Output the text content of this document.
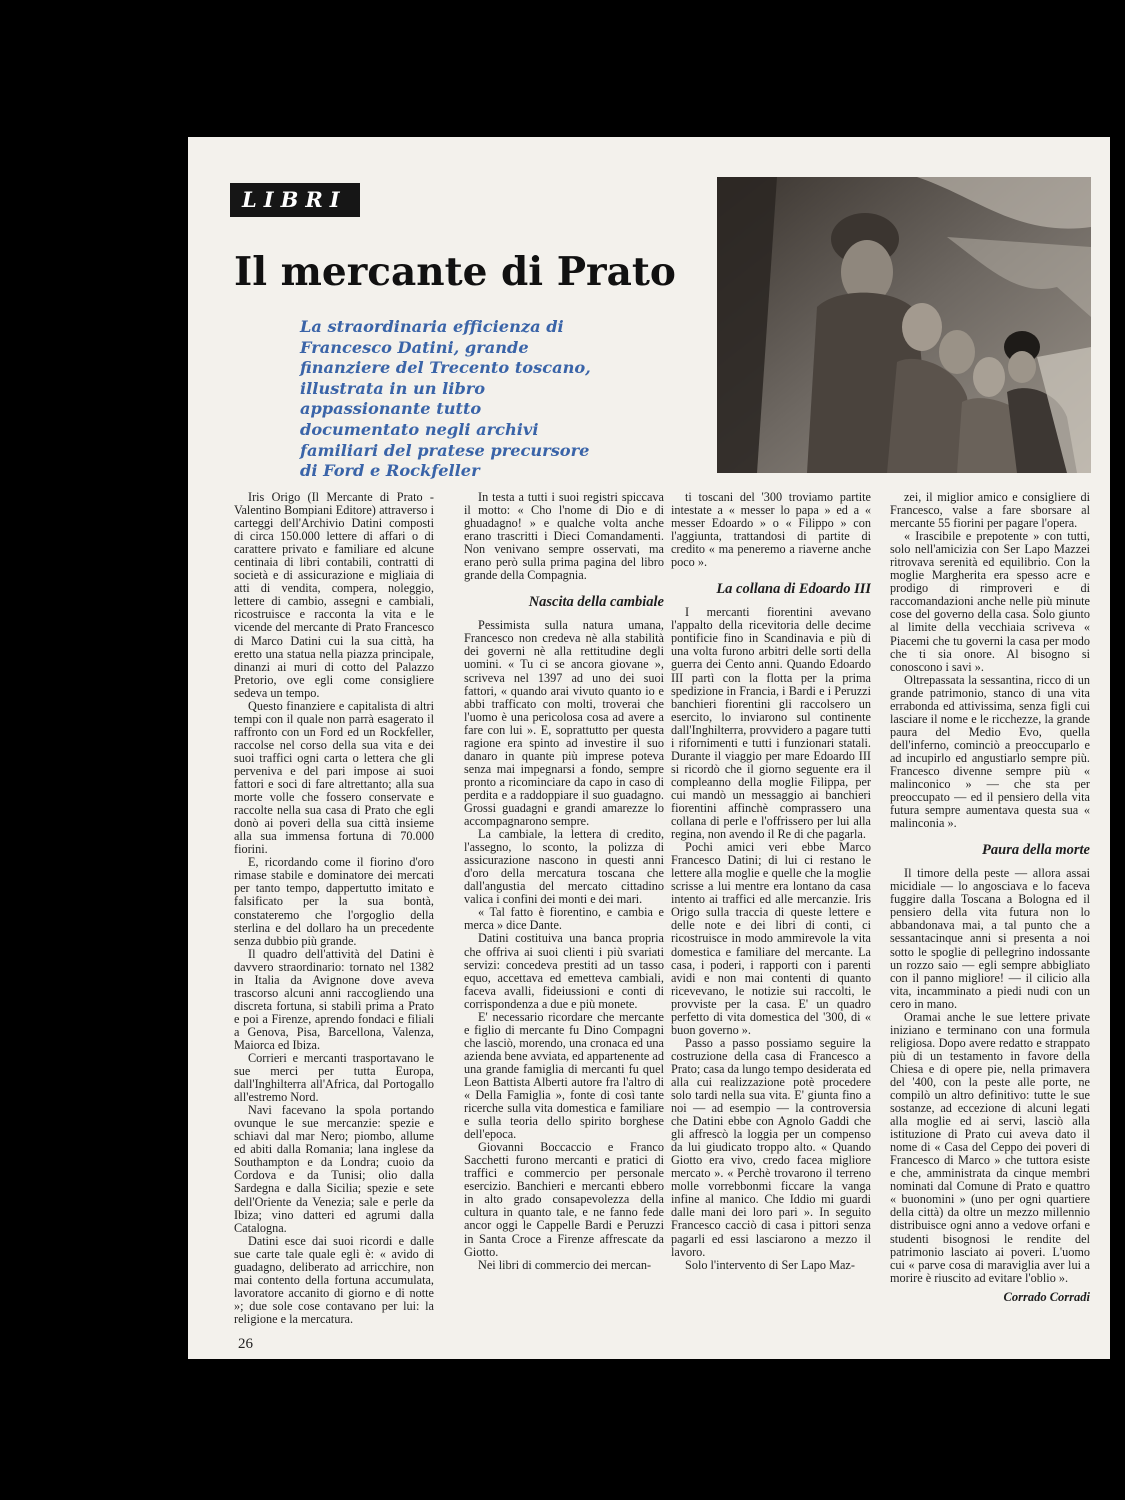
LIBRI
Il mercante di Prato
La straordinaria efficienza di Francesco Datini, grande finanziere del Trecento toscano, illustrata in un libro appassionante tutto documentato negli archivi familiari del pratese precursore di Ford e Rockfeller

Iris Origo (Il Mercante di Prato - Valentino Bompiani Editore) attraverso i carteggi dell'Archivio Datini composti di circa 150.000 lettere di affari o di carattere privato e familiare ed alcune centinaia di libri contabili, contratti di società e di assicurazione e migliaia di atti di vendita, compera, noleggio, lettere di cambio, assegni e cambiali, ricostruisce e racconta la vita e le vicende del mercante di Prato Francesco di Marco Datini cui la sua città, ha eretto una statua nella piazza principale, dinanzi ai muri di cotto del Palazzo Pretorio, ove egli come consigliere sedeva un tempo.

Questo finanziere e capitalista di altri tempi con il quale non parrà esagerato il raffronto con un Ford ed un Rockfeller, raccolse nel corso della sua vita e dei suoi traffici ogni carta o lettera che gli perveniva e del pari impose ai suoi fattori e soci di fare altrettanto; alla sua morte volle che fossero conservate e raccolte nella sua casa di Prato che egli donò ai poveri della sua città insieme alla sua immensa fortuna di 70.000 fiorini.

E, ricordando come il fiorino d'oro rimase stabile e dominatore dei mercati per tanto tempo, dappertutto imitato e falsificato per la sua bontà, constateremo che l'orgoglio della sterlina e del dollaro ha un precedente senza dubbio più grande.

Il quadro dell'attività del Datini è davvero straordinario: tornato nel 1382 in Italia da Avignone dove aveva trascorso alcuni anni raccogliendo una discreta fortuna, si stabilì prima a Prato e poi a Firenze, aprendo fondaci e filiali a Genova, Pisa, Barcellona, Valenza, Maiorca ed Ibiza.

Corrieri e mercanti trasportavano le sue merci per tutta Europa, dall'Inghilterra all'Africa, dal Portogallo all'estremo Nord.

Navi facevano la spola portando ovunque le sue mercanzie: spezie e schiavi dal mar Nero; piombo, allume ed abiti dalla Romania; lana inglese da Southampton e da Londra; cuoio da Cordova e da Tunisi; olio dalla Sardegna e dalla Sicilia; spezie e sete dell'Oriente da Venezia; sale e perle da Ibiza; vino datteri ed agrumi dalla Catalogna.

Datini esce dai suoi ricordi e dalle sue carte tale quale egli è: « avido di guadagno, deliberato ad arricchire, non mai contento della fortuna accumulata, lavoratore accanito di giorno e di notte »; due sole cose contavano per lui: la religione e la mercatura.

In testa a tutti i suoi registri spiccava il motto: « Cho l'nome di Dio e di ghuadagno! » e qualche volta anche erano trascritti i Dieci Comandamenti. Non venivano sempre osservati, ma erano però sulla prima pagina del libro grande della Compagnia.

Nascita della cambiale

Pessimista sulla natura umana, Francesco non credeva nè alla stabilità dei governi nè alla rettitudine degli uomini. « Tu ci se ancora giovane », scriveva nel 1397 ad uno dei suoi fattori, « quando arai vivuto quanto io e abbi trafficato con molti, troverai che l'uomo è una pericolosa cosa ad avere a fare con lui ». E, soprattutto per questa ragione era spinto ad investire il suo danaro in quante più imprese poteva senza mai impegnarsi a fondo, sempre pronto a ricominciare da capo in caso di perdita e a raddoppiare il suo guadagno. Grossi guadagni e grandi amarezze lo accompagnarono sempre.

La cambiale, la lettera di credito, l'assegno, lo sconto, la polizza di assicurazione nascono in questi anni d'oro della mercatura toscana che dall'angustia del mercato cittadino valica i confini dei monti e dei mari.

« Tal fatto è fiorentino, e cambia e merca » dice Dante.

Datini costituiva una banca propria che offriva ai suoi clienti i più svariati servizi: concedeva prestiti ad un tasso equo, accettava ed emetteva cambiali, faceva avalli, fideiussioni e conti di corrispondenza a due e più monete.

E' necessario ricordare che mercante e figlio di mercante fu Dino Compagni che lasciò, morendo, una cronaca ed una azienda bene avviata, ed appartenente ad una grande famiglia di mercanti fu quel Leon Battista Alberti autore fra l'altro di « Della Famiglia », fonte di così tante ricerche sulla vita domestica e familiare e sulla teoria dello spirito borghese dell'epoca.

Giovanni Boccaccio e Franco Sacchetti furono mercanti e pratici di traffici e commercio per personale esercizio. Banchieri e mercanti ebbero in alto grado consapevolezza della cultura in quanto tale, e ne fanno fede ancor oggi le Cappelle Bardi e Peruzzi in Santa Croce a Firenze affrescate da Giotto.

Nei libri di commercio dei mercan-

ti toscani del '300 troviamo partite intestate a « messer lo papa » ed a « messer Edoardo » o « Filippo » con l'aggiunta, trattandosi di partite di credito « ma peneremo a riaverne anche poco ».

La collana di Edoardo III

I mercanti fiorentini avevano l'appalto della ricevitoria delle decime pontificie fino in Scandinavia e più di una volta furono arbitri delle sorti della guerra dei Cento anni. Quando Edoardo III partì con la flotta per la prima spedizione in Francia, i Bardi e i Peruzzi banchieri fiorentini gli raccolsero un esercito, lo inviarono sul continente dall'Inghilterra, provvidero a pagare tutti i rifornimenti e tutti i funzionari statali. Durante il viaggio per mare Edoardo III si ricordò che il giorno seguente era il compleanno della moglie Filippa, per cui mandò un messaggio ai banchieri fiorentini affinchè comprassero una collana di perle e l'offrissero per lui alla regina, non avendo il Re di che pagarla.

Pochi amici veri ebbe Marco Francesco Datini; di lui ci restano le lettere alla moglie e quelle che la moglie scrisse a lui mentre era lontano da casa intento ai traffici ed alle mercanzie. Iris Origo sulla traccia di queste lettere e delle note e dei libri di conti, ci ricostruisce in modo ammirevole la vita domestica e familiare del mercante. La casa, i poderi, i rapporti con i parenti avidi e non mai contenti di quanto ricevevano, le notizie sui raccolti, le provviste per la casa. E' un quadro perfetto di vita domestica del '300, di « buon governo ».

Passo a passo possiamo seguire la costruzione della casa di Francesco a Prato; casa da lungo tempo desiderata ed alla cui realizzazione potè procedere solo tardi nella sua vita. E' giunta fino a noi — ad esempio — la controversia che Datini ebbe con Agnolo Gaddi che gli affrescò la loggia per un compenso da lui giudicato troppo alto. « Quando Giotto era vivo, credo facea migliore mercato ». « Perchè trovarono il terreno molle vorrebbonmi ficcare la vanga infine al manico. Che Iddio mi guardi dalle mani dei loro pari ». In seguito Francesco cacciò di casa i pittori senza pagarli ed essi lasciarono a mezzo il lavoro.

Solo l'intervento di Ser Lapo Maz-

zei, il miglior amico e consigliere di Francesco, valse a fare sborsare al mercante 55 fiorini per pagare l'opera.

« Irascibile e prepotente » con tutti, solo nell'amicizia con Ser Lapo Mazzei ritrovava serenità ed equilibrio. Con la moglie Margherita era spesso acre e prodigo di rimproveri e di raccomandazioni anche nelle più minute cose del governo della casa. Solo giunto al limite della vecchiaia scriveva « Piacemi che tu governi la casa per modo che ti sia onore. Al bisogno si conoscono i savi ».

Oltrepassata la sessantina, ricco di un grande patrimonio, stanco di una vita errabonda ed attivissima, senza figli cui lasciare il nome e le ricchezze, la grande paura del Medio Evo, quella dell'inferno, cominciò a preoccuparlo e ad incupirlo ed angustiarlo sempre più. Francesco divenne sempre più « malinconico » — che sta per preoccupato — ed il pensiero della vita futura sempre aumentava questa sua « malinconia ».

Paura della morte

Il timore della peste — allora assai micidiale — lo angosciava e lo faceva fuggire dalla Toscana a Bologna ed il pensiero della vita futura non lo abbandonava mai, a tal punto che a sessantacinque anni si presenta a noi sotto le spoglie di pellegrino indossante un rozzo saio — egli sempre abbigliato con il panno migliore! — il cilicio alla vita, incamminato a piedi nudi con un cero in mano.

Oramai anche le sue lettere private iniziano e terminano con una formula religiosa. Dopo avere redatto e strappato più di un testamento in favore della Chiesa e di opere pie, nella primavera del '400, con la peste alle porte, ne compilò un altro definitivo: tutte le sue sostanze, ad eccezione di alcuni legati alla moglie ed ai servi, lasciò alla istituzione di Prato cui aveva dato il nome di « Casa del Ceppo dei poveri di Francesco di Marco » che tuttora esiste e che, amministrata da cinque membri nominati dal Comune di Prato e quattro « buonomini » (uno per ogni quartiere della città) da oltre un mezzo millennio distribuisce ogni anno a vedove orfani e studenti bisognosi le rendite del patrimonio lasciato ai poveri. L'uomo cui « parve cosa di maraviglia aver lui a morire è riuscito ad evitare l'oblio ».

Corrado Corradi

26
